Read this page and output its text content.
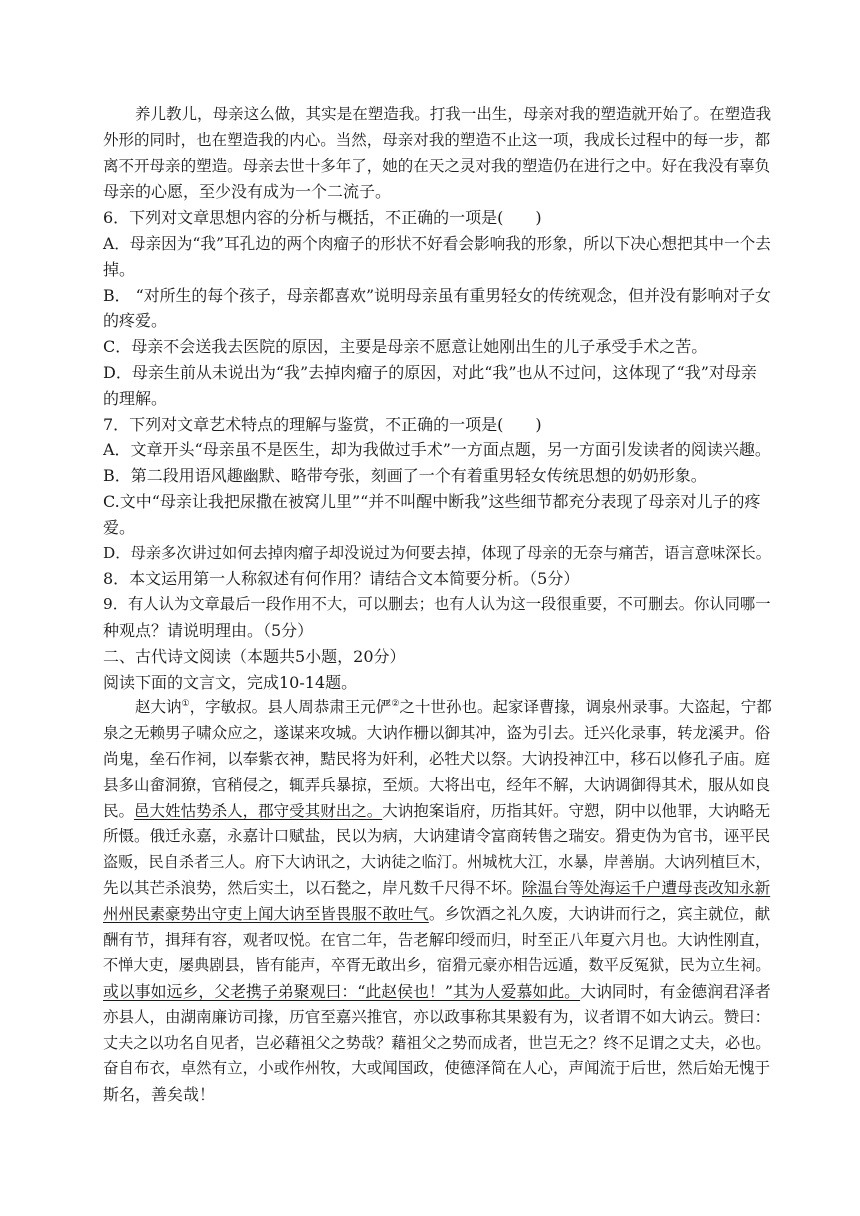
养儿教儿，母亲这么做，其实是在塑造我。打我一出生，母亲对我的塑造就开始了。在塑造我
外形的同时，也在塑造我的内心。当然，母亲对我的塑造不止这一项，我成长过程中的每一步，都
离不开母亲的塑造。母亲去世十多年了，她的在天之灵对我的塑造仍在进行之中。好在我没有辜负
母亲的心愿，至少没有成为一个二流子。
6．下列对文章思想内容的分析与概括，不正确的一项是(　　)
A．母亲因为“我”耳孔边的两个肉瘤子的形状不好看会影响我的形象，所以下决心想把其中一个去
掉。
B． “对所生的每个孩子，母亲都喜欢”说明母亲虽有重男轻女的传统观念，但并没有影响对子女
的疼爱。
C．母亲不会送我去医院的原因，主要是母亲不愿意让她刚出生的儿子承受手术之苦。
D．母亲生前从未说出为“我”去掉肉瘤子的原因，对此“我”也从不过问，这体现了“我”对母亲
的理解。
7．下列对文章艺术特点的理解与鉴赏，不正确的一项是(　　)
A．文章开头“母亲虽不是医生，却为我做过手术”一方面点题，另一方面引发读者的阅读兴趣。
B．第二段用语风趣幽默、略带夸张，刻画了一个有着重男轻女传统思想的奶奶形象。
C.文中“母亲让我把尿撒在被窝儿里”“并不叫醒中断我”这些细节都充分表现了母亲对儿子的疼
爱。
D．母亲多次讲过如何去掉肉瘤子却没说过为何要去掉，体现了母亲的无奈与痛苦，语言意味深长。
8．本文运用第一人称叙述有何作用？请结合文本简要分析。（5分）
9．有人认为文章最后一段作用不大，可以删去；也有人认为这一段很重要，不可删去。你认同哪一
种观点？请说明理由。（5分）
二、古代诗文阅读（本题共5小题，20分）
阅读下面的文言文，完成10-14题。
赵大讷①，字敏叔。县人周恭肃王元俨②之十世孙也。起家译曹掾，调泉州录事。大盗起，宁都
泉之无赖男子啸众应之，遂谋来攻城。大讷作栅以御其冲，盗为引去。迁兴化录事，转龙溪尹。俗
尚鬼，垒石作祠，以奉紫衣神，黠民将为奸利，必牲犬以祭。大讷投神江中，移石以修孔子庙。庭
县多山畲洞獠，官稍侵之，辄弄兵暴掠，至烦。大将出屯，经年不解，大讷调御得其术，服从如良
民。邑大姓怙势杀人，郡守受其财出之。大讷抱案诣府，历指其奸。守愬，阴中以他罪，大讷略无
所慑。俄迁永嘉，永嘉计口赋盐，民以为病，大讷建请令富商转售之瑞安。猾吏伪为官书，诬平民
盗贩，民自杀者三人。府下大讷讯之，大讷徒之临汀。州城枕大江，水暴，岸善崩。大讷列植巨木，
先以其芒杀浪势，然后实土，以石甃之，岸凡数千尺得不坏。除温台等处海运千户遭母丧改知永新
州州民素豪势出守吏上闻大讷至皆畏服不敢吐气。乡饮酒之礼久废，大讷讲而行之，宾主就位，献
酬有节，揖拜有容，观者叹悦。在官二年，告老解印绶而归，时至正八年夏六月也。大讷性刚直，
不惮大吏，屡典剧县，皆有能声，卒胥无敢出乡，宿猾元豪亦相告远遁，数平反冤狱，民为立生祠。
或以事如远乡，父老携子弟聚观曰：“此赵侯也！”其为人爱慕如此。大讷同时，有金德润君泽者
亦县人，由湖南廉访司掾，历官至嘉兴推官，亦以政事称其果毅有为，议者谓不如大讷云。赞曰：
丈夫之以功名自见者，岂必藉祖父之势哉？藉祖父之势而成者，世岂无之？终不足谓之丈夫，必也。
奋自布衣，卓然有立，小或作州牧，大或闻国政，使德泽简在人心，声闻流于后世，然后始无愧于
斯名，善矣哉！
